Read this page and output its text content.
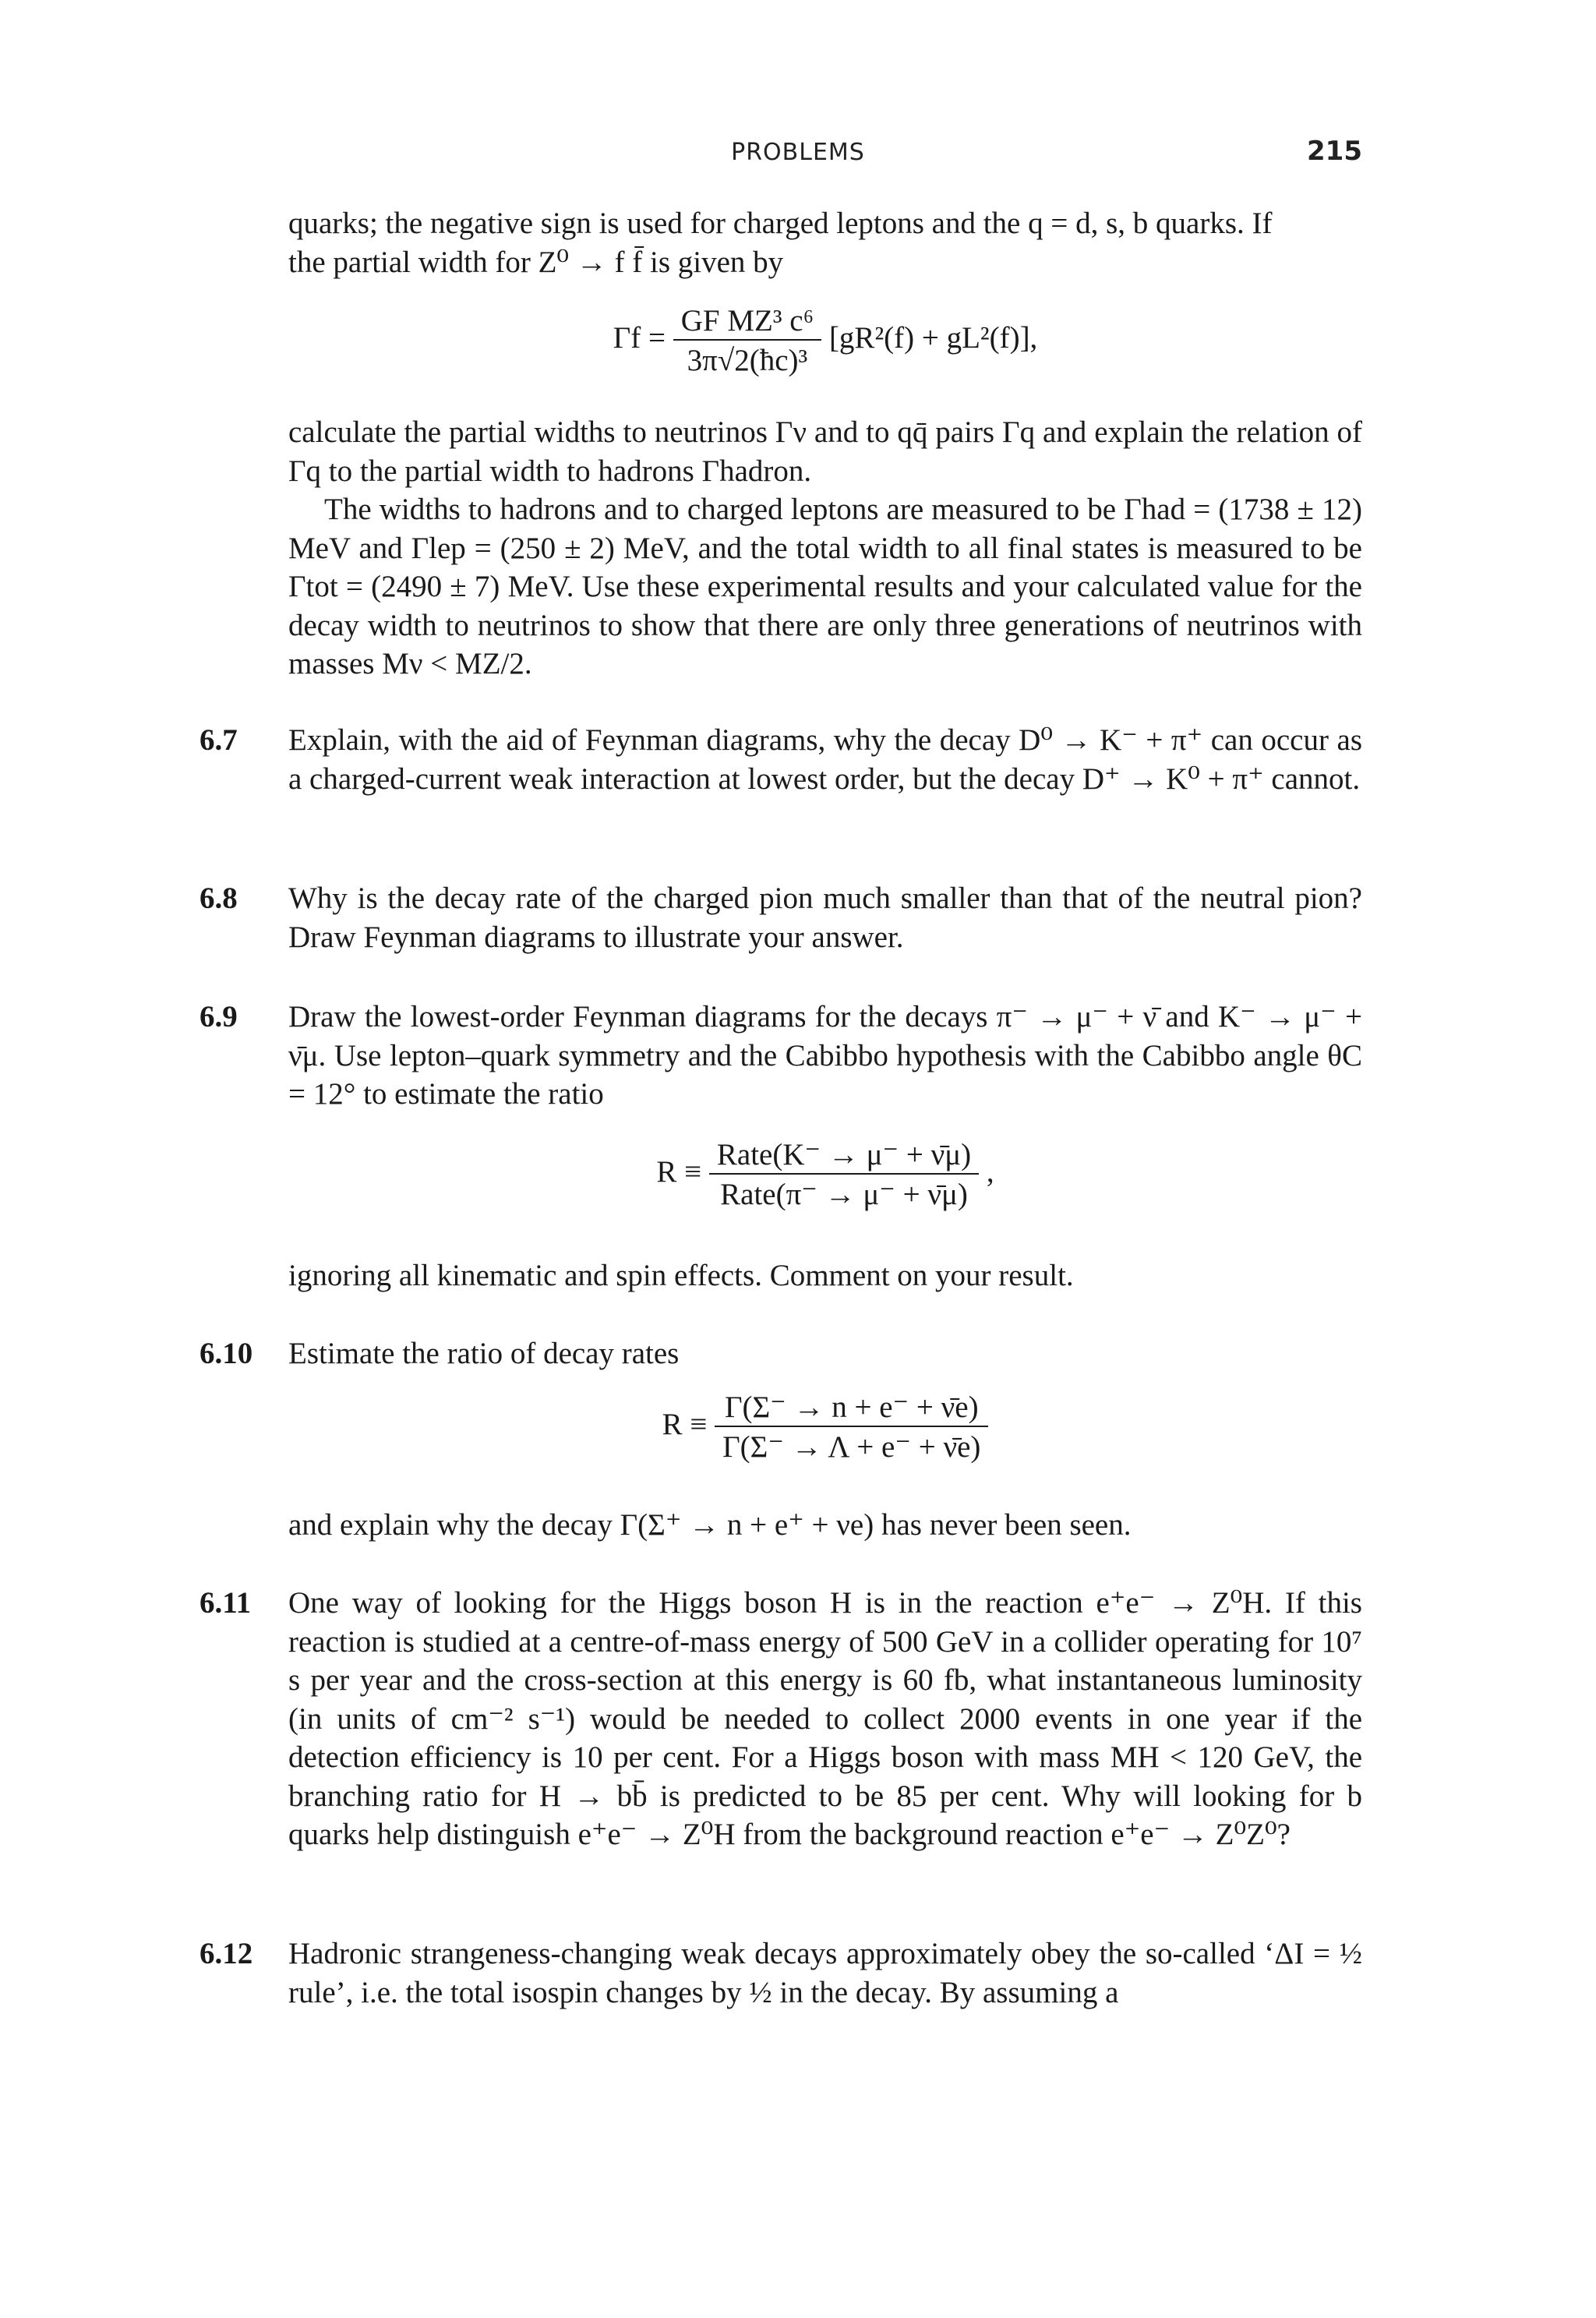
PROBLEMS	215

quarks; the negative sign is used for charged leptons and the q = d, s, b quarks. If

the partial width for Z⁰ → f f̄ is given by

$\Gamma f = \frac{\text{GF MZ³ c⁶}}{\text{3π√2(ħc)³}} [gR^2(f) + gL^2(f)]$,

calculate the partial widths to neutrinos Γν and to qq̄ pairs Γq and explain the relation of Γq to the partial width to hadrons Γhadron.

The widths to hadrons and to charged leptons are measured to be Γhad = (1738 ± 12) MeV and Γlep = (250 ± 2) MeV, and the total width to all final states is measured to be Γtot = (2490 ± 7) MeV. Use these experimental results and your calculated value for the decay width to neutrinos to show that there are only three generations of neutrinos with masses Mν < MZ/2.

6.7	Explain, with the aid of Feynman diagrams, why the decay D⁰ → K⁻ + π⁺ can occur as a charged-current weak interaction at lowest order, but the decay D⁺ → K⁰ + π⁺ cannot.

6.8	Why is the decay rate of the charged pion much smaller than that of the neutral pion? Draw Feynman diagrams to illustrate your answer.

6.9	Draw the lowest-order Feynman diagrams for the decays π⁻ → μ⁻ + ν̄ and K⁻ → μ⁻ + ν̄μ. Use lepton–quark symmetry and the Cabibbo hypothesis with the Cabibbo angle θC = 12° to estimate the ratio

$R \equiv \frac{\text{Rate(K⁻ → μ⁻ + ν̄μ)}}{\text{Rate(π⁻ → μ⁻ + ν̄μ)}}$ ,
ignoring all kinematic and spin effects. Comment on your result.
6.10	Estimate the ratio of decay rates

$R \equiv \frac{\Gamma(\Sigma^- \to n + e^- + \nūe)}{\Gamma(\Sigma^- \to \Lambda + e^- + \nūe)}$
and explain why the decay Γ(Σ⁺ → n + e⁺ + νe) has never been seen.
6.11	One way of looking for the Higgs boson H is in the reaction e⁺e⁻ → Z⁰H. If this reaction is studied at a centre-of-mass energy of 500 GeV in a collider operating for 10⁷ s per year and the cross-section at this energy is 60 fb, what instantaneous luminosity (in units of cm⁻² s⁻¹) would be needed to collect 2000 events in one year if the detection efficiency is 10 per cent. For a Higgs boson with mass MH < 120 GeV, the branching ratio for H → bb̄ is predicted to be 85 per cent. Why will looking for b quarks help distinguish e⁺e⁻ → Z⁰H from the background reaction e⁺e⁻ → Z⁰Z⁰?

6.12	Hadronic strangeness-changing weak decays approximately obey the so-called ‘ΔI = ½ rule’, i.e. the total isospin changes by ½ in the decay. By assuming a
